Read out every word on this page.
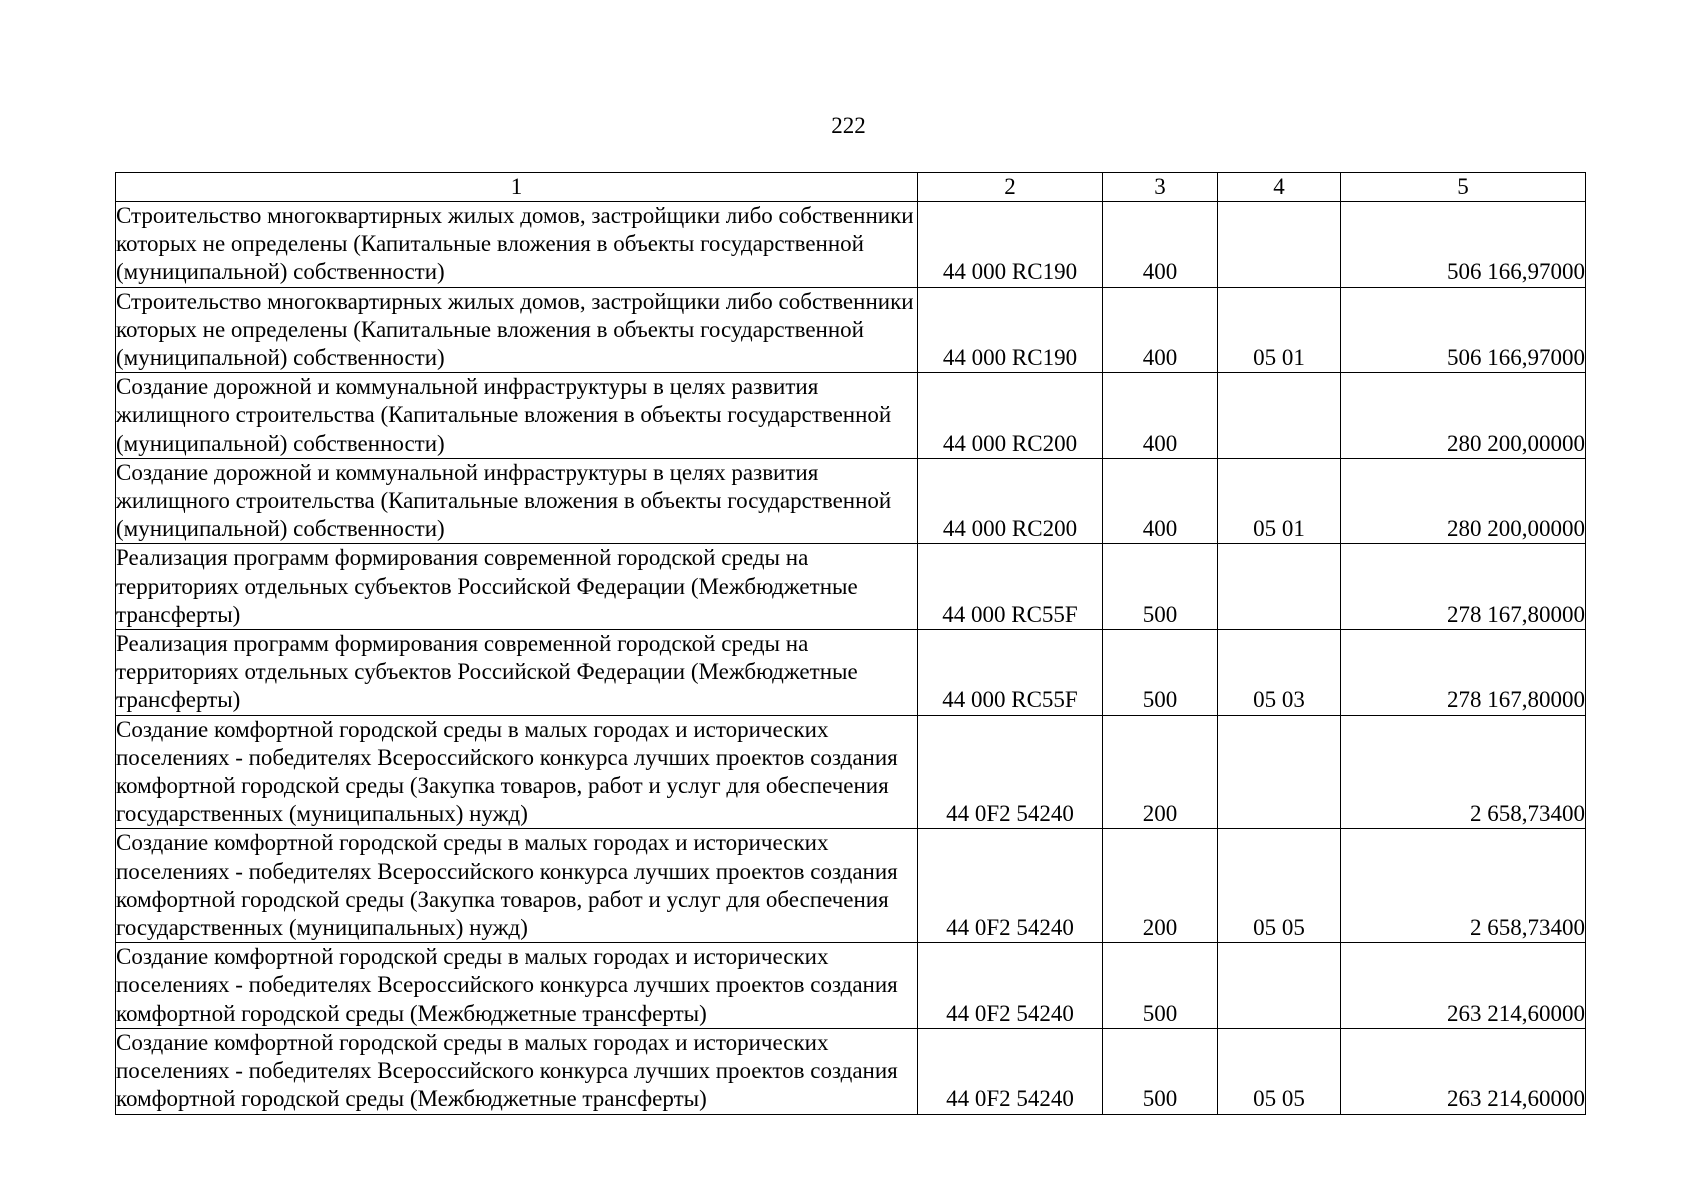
222
1	2	3	4	5
Строительство многоквартирных жилых домов, застройщики либо собственники которых не определены (Капитальные вложения в объекты государственной (муниципальной) собственности)	44 000 RC190	400		506 166,97000
Строительство многоквартирных жилых домов, застройщики либо собственники которых не определены (Капитальные вложения в объекты государственной (муниципальной) собственности)	44 000 RC190	400	05 01	506 166,97000
Создание дорожной и коммунальной инфраструктуры в целях развития жилищного строительства (Капитальные вложения в объекты государственной (муниципальной) собственности)	44 000 RC200	400		280 200,00000
Создание дорожной и коммунальной инфраструктуры в целях развития жилищного строительства (Капитальные вложения в объекты государственной (муниципальной) собственности)	44 000 RC200	400	05 01	280 200,00000
Реализация программ формирования современной городской среды на территориях отдельных субъектов Российской Федерации (Межбюджетные трансферты)	44 000 RC55F	500		278 167,80000
Реализация программ формирования современной городской среды на территориях отдельных субъектов Российской Федерации (Межбюджетные трансферты)	44 000 RC55F	500	05 03	278 167,80000
Создание комфортной городской среды в малых городах и исторических поселениях - победителях Всероссийского конкурса лучших проектов создания комфортной городской среды (Закупка товаров, работ и услуг для обеспечения государственных (муниципальных) нужд)	44 0F2 54240	200		2 658,73400
Создание комфортной городской среды в малых городах и исторических поселениях - победителях Всероссийского конкурса лучших проектов создания комфортной городской среды (Закупка товаров, работ и услуг для обеспечения государственных (муниципальных) нужд)	44 0F2 54240	200	05 05	2 658,73400
Создание комфортной городской среды в малых городах и исторических поселениях - победителях Всероссийского конкурса лучших проектов создания комфортной городской среды (Межбюджетные трансферты)	44 0F2 54240	500		263 214,60000
Создание комфортной городской среды в малых городах и исторических поселениях - победителях Всероссийского конкурса лучших проектов создания комфортной городской среды (Межбюджетные трансферты)	44 0F2 54240	500	05 05	263 214,60000
